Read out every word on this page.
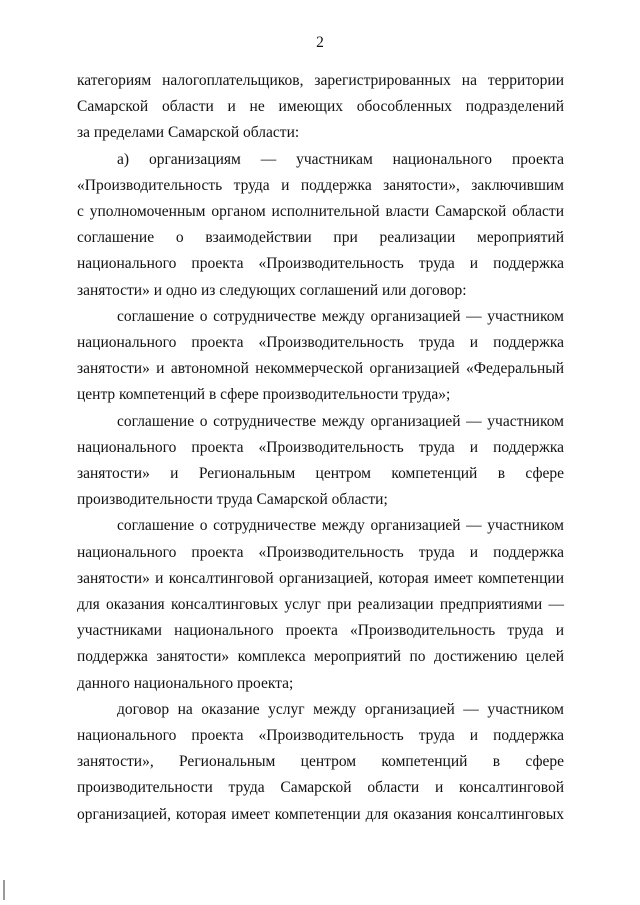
2
категориям налогоплательщиков, зарегистрированных на территории
Самарской области и не имеющих обособленных подразделений
за пределами Самарской области:
а) организациям — участникам национального проекта
«Производительность труда и поддержка занятости», заключившим
с уполномоченным органом исполнительной власти Самарской области
соглашение о взаимодействии при реализации мероприятий
национального проекта «Производительность труда и поддержка
занятости» и одно из следующих соглашений или договор:
соглашение о сотрудничестве между организацией — участником
национального проекта «Производительность труда и поддержка
занятости» и автономной некоммерческой организацией «Федеральный
центр компетенций в сфере производительности труда»;
соглашение о сотрудничестве между организацией — участником
национального проекта «Производительность труда и поддержка
занятости» и Региональным центром компетенций в сфере
производительности труда Самарской области;
соглашение о сотрудничестве между организацией — участником
национального проекта «Производительность труда и поддержка
занятости» и консалтинговой организацией, которая имеет компетенции
для оказания консалтинговых услуг при реализации предприятиями —
участниками национального проекта «Производительность труда и
поддержка занятости» комплекса мероприятий по достижению целей
данного национального проекта;
договор на оказание услуг между организацией — участником
национального проекта «Производительность труда и поддержка
занятости», Региональным центром компетенций в сфере
производительности труда Самарской области и консалтинговой
организацией, которая имеет компетенции для оказания консалтинговых
